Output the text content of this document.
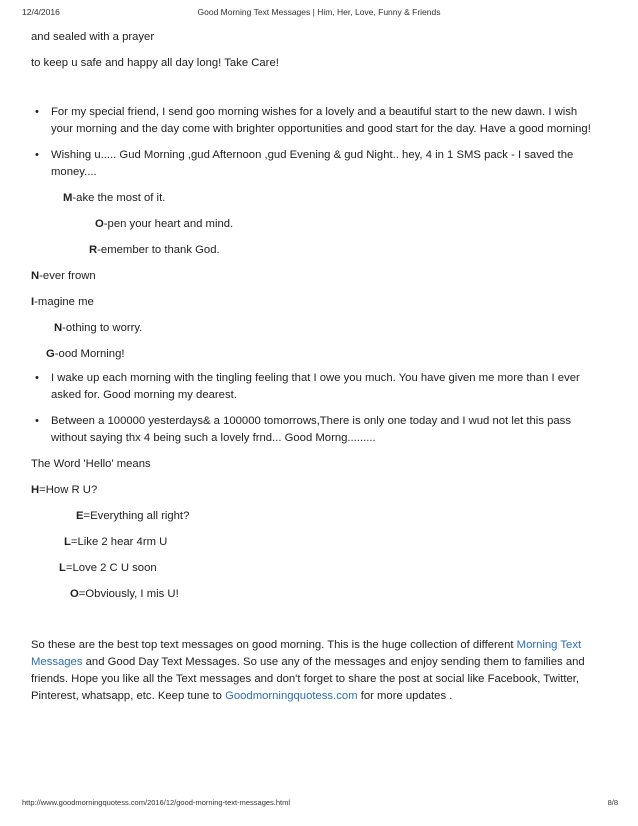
Good Morning Text Messages | Him, Her, Love, Funny & Friends
12/4/2016

and sealed with a prayer

to keep u safe and happy all day long! Take Care!

• For my special friend, I send goo morning wishes for a lovely and a beautiful start to the new dawn. I wish your morning and the day come with brighter opportunities and good start for the day. Have a good morning!
• Wishing u..... Gud Morning ,gud Afternoon ,gud Evening & gud Night.. hey, 4 in 1 SMS pack - I saved the money....

M-ake the most of it.

O-pen your heart and mind.

R-emember to thank God.

N-ever frown

I-magine me

N-othing to worry.

G-ood Morning!

• I wake up each morning with the tingling feeling that I owe you much. You have given me more than I ever asked for. Good morning my dearest.
• Between a 100000 yesterdays& a 100000 tomorrows,There is only one today and I wud not let this pass without saying thx 4 being such a lovely frnd... Good Morng.........

The Word 'Hello' means

H=How R U?

E=Everything all right?

L=Like 2 hear 4rm U

L=Love 2 C U soon

O=Obviously, I mis U!

So these are the best top text messages on good morning. This is the huge collection of different Morning Text Messages and Good Day Text Messages. So use any of the messages and enjoy sending them to families and friends. Hope you like all the Text messages and don't forget to share the post at social like Facebook, Twitter, Pinterest, whatsapp, etc. Keep tune to Goodmorningquotess.com for more updates .

http://www.goodmorningquotess.com/2016/12/good-morning-text-messages.html	8/8
